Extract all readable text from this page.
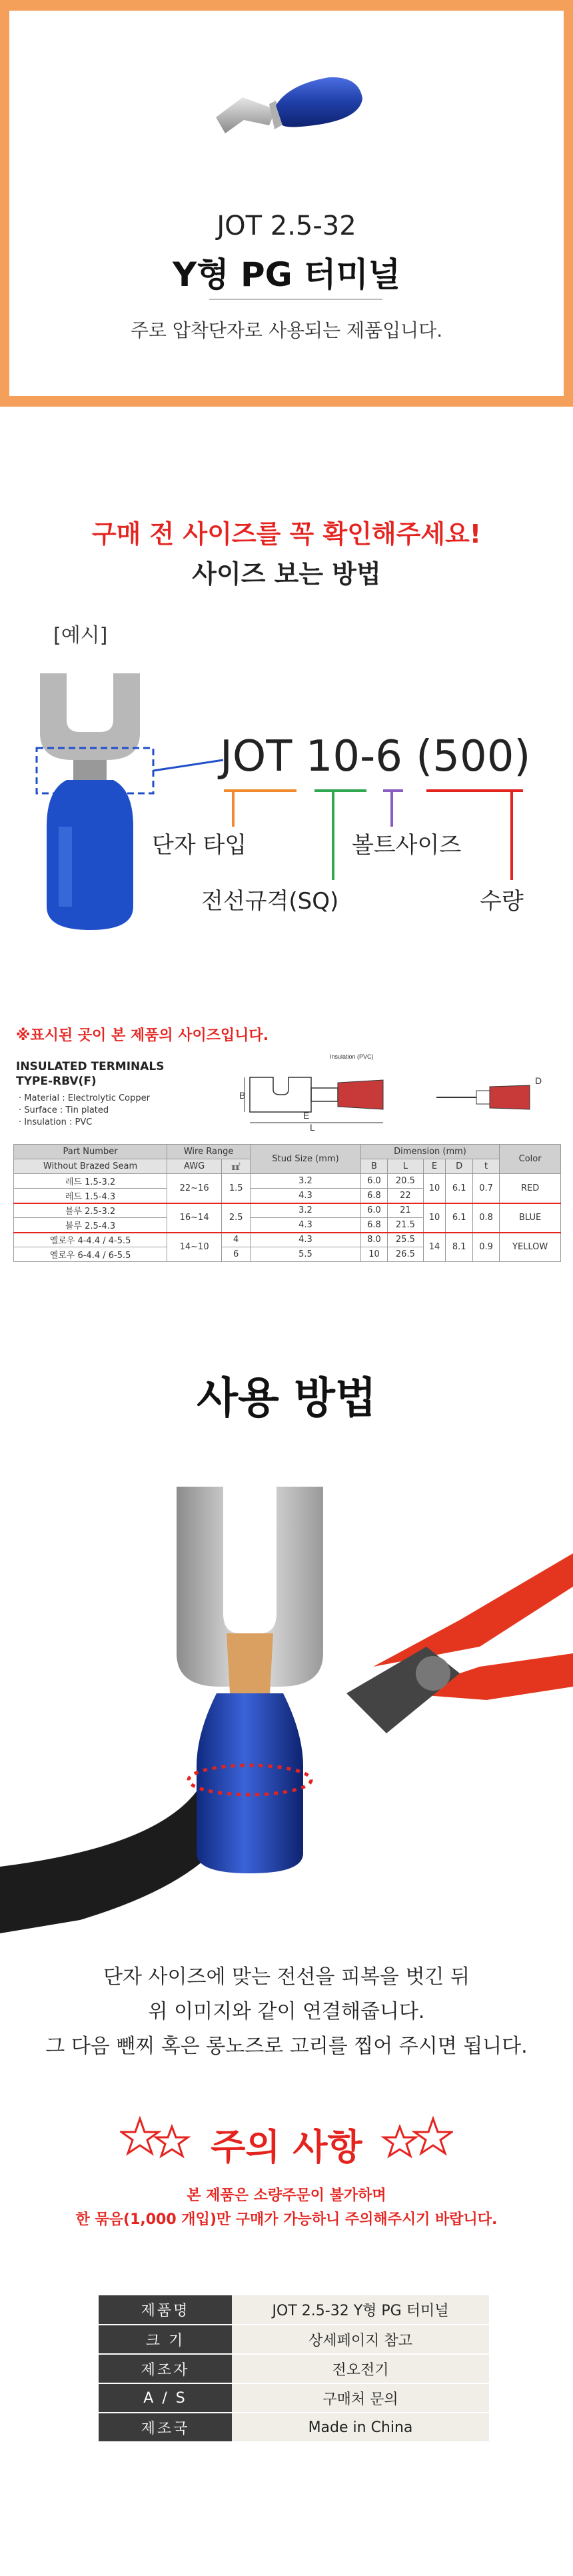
JOT 2.5-32
Y형 PG 터미널
주로 압착단자로 사용되는 제품입니다.
구매 전 사이즈를 꼭 확인해주세요!
사이즈 보는 방법
[예시]
JOT 10-6 (500)
단자 타입	볼트사이즈
전선규격(SQ)	수량
※표시된 곳이 본 제품의 사이즈입니다.
INSULATED TERMINALS
TYPE-RBV(F)
· Material : Electrolytic Copper
· Surface : Tin plated
· Insulation : PVC
Insulation (PVC)
B
L
E
D
Part Number	Wire Range		Stud Size (mm)	Dimension (mm)					Color
Without Brazed Seam	AWG	㎟		B	L	E	D	t	
레드 1.5-3.2	22~16	1.5	3.2	6.0	20.5	10	6.1	0.7	RED
레드 1.5-4.3			4.3	6.8	22				
블루 2.5-3.2	16~14	2.5	3.2	6.0	21	10	6.1	0.8	BLUE
블루 2.5-4.3			4.3	6.8	21.5				
옐로우 4-4.4 / 4-5.5	14~10	4	4.3	8.0	25.5	14	8.1	0.9	YELLOW
옐로우 6-4.4 / 6-5.5		6	5.5	10	26.5				
사용 방법
단자 사이즈에 맞는 전선을 피복을 벗긴 뒤
위 이미지와 같이 연결해줍니다.
그 다음 뺀찌 혹은 롱노즈로 고리를 찝어 주시면 됩니다.
주의 사항
본 제품은 소량주문이 불가하며
한 묶음(1,000 개입)만 구매가 가능하니 주의해주시기 바랍니다.
제품명	JOT 2.5-32 Y형 PG 터미널
크 기	상세페이지 참고
제조자	전오전기
A / S	구매처 문의
제조국	Made in China
